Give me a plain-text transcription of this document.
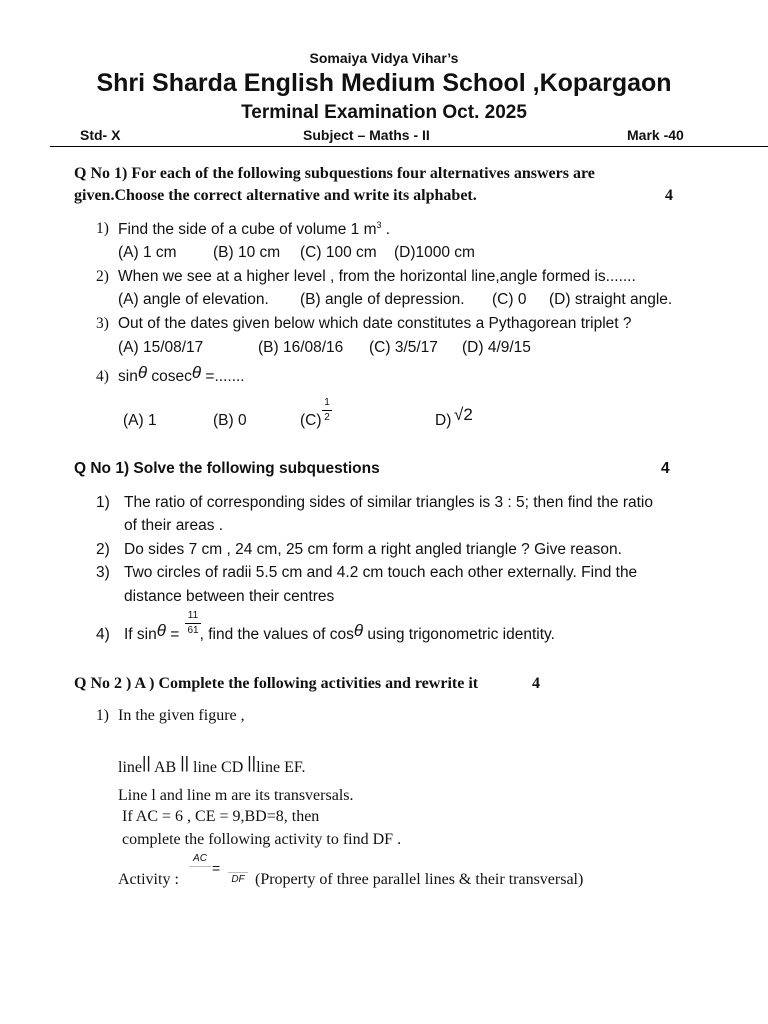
Somaiya Vidya Vihar’s
Shri Sharda English Medium School ,Kopargaon
Terminal Examination Oct. 2025
Std- X	Subject – Maths - II	Mark -40
Q No 1) For each of the following subquestions four alternatives answers are
given.Choose the correct alternative and write its alphabet.	4
1) Find the side of a cube of volume 1 $m^3$ .
(A) 1 cm (B) 10 cm (C) 100 cm (D)1000 cm
2) When we see at a higher level , from the horizontal line,angle formed is.......
(A) angle of elevation. (B) angle of depression. (C) 0 (D) straight angle.
3) Out of the dates given below which date constitutes a Pythagorean triplet ?
(A) 15/08/17	(B) 16/08/16 (C) 3/5/17 (D) 4/9/15
4) sinθ cosecθ =.......
(A) 1	(B) 0	(C)
1
2	D) √2
Q No 1) Solve the following subquestions	4
1) The ratio of corresponding sides of similar triangles is 3 : 5; then find the ratio
of their areas .
2) Do sides 7 cm , 24 cm, 25 cm form a right angled triangle ? Give reason.
3) Two circles of radii 5.5 cm and 4.2 cm touch each other externally. Find the
distance between their centres
4) If sinθ = , find the values of cosθ using trigonometric identity.
11
61
Q No 2 ) A ) Complete the following activities and rewrite it	4
1) In the given figure ,
line|| AB || line CD ||line EF.
Line l and line m are its transversals.
If AC = 6 , CE = 9,BD=8, then
complete the following activity to find DF .
Activity :
AC

=

DF (Property of three parallel lines & their transversal)
